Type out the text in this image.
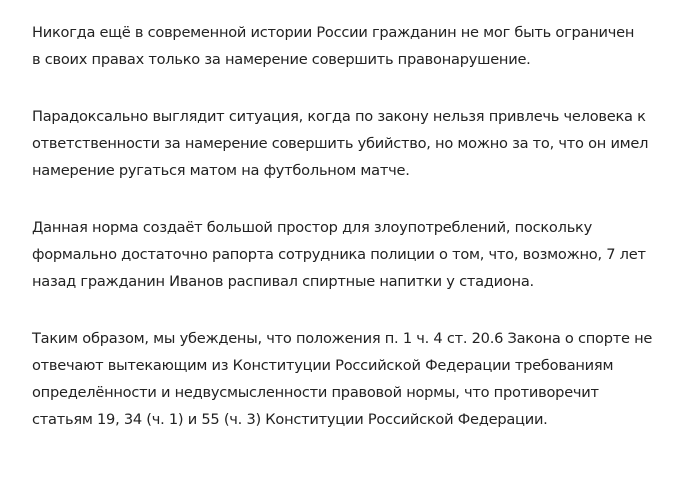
Никогда ещё в современной истории России гражданин не мог быть ограничен
в своих правах только за намерение совершить правонарушение.

Парадоксально выглядит ситуация, когда по закону нельзя привлечь человека к
ответственности за намерение совершить убийство, но можно за то, что он имел
намерение ругаться матом на футбольном матче.

Данная норма создаёт большой простор для злоупотреблений, поскольку
формально достаточно рапорта сотрудника полиции о том, что, возможно, 7 лет
назад гражданин Иванов распивал спиртные напитки у стадиона.

Таким образом, мы убеждены, что положения п. 1 ч. 4 ст. 20.6 Закона о спорте не
отвечают вытекающим из Конституции Российской Федерации требованиям
определённости и недвусмысленности правовой нормы, что противоречит
статьям 19, 34 (ч. 1) и 55 (ч. 3) Конституции Российской Федерации.
